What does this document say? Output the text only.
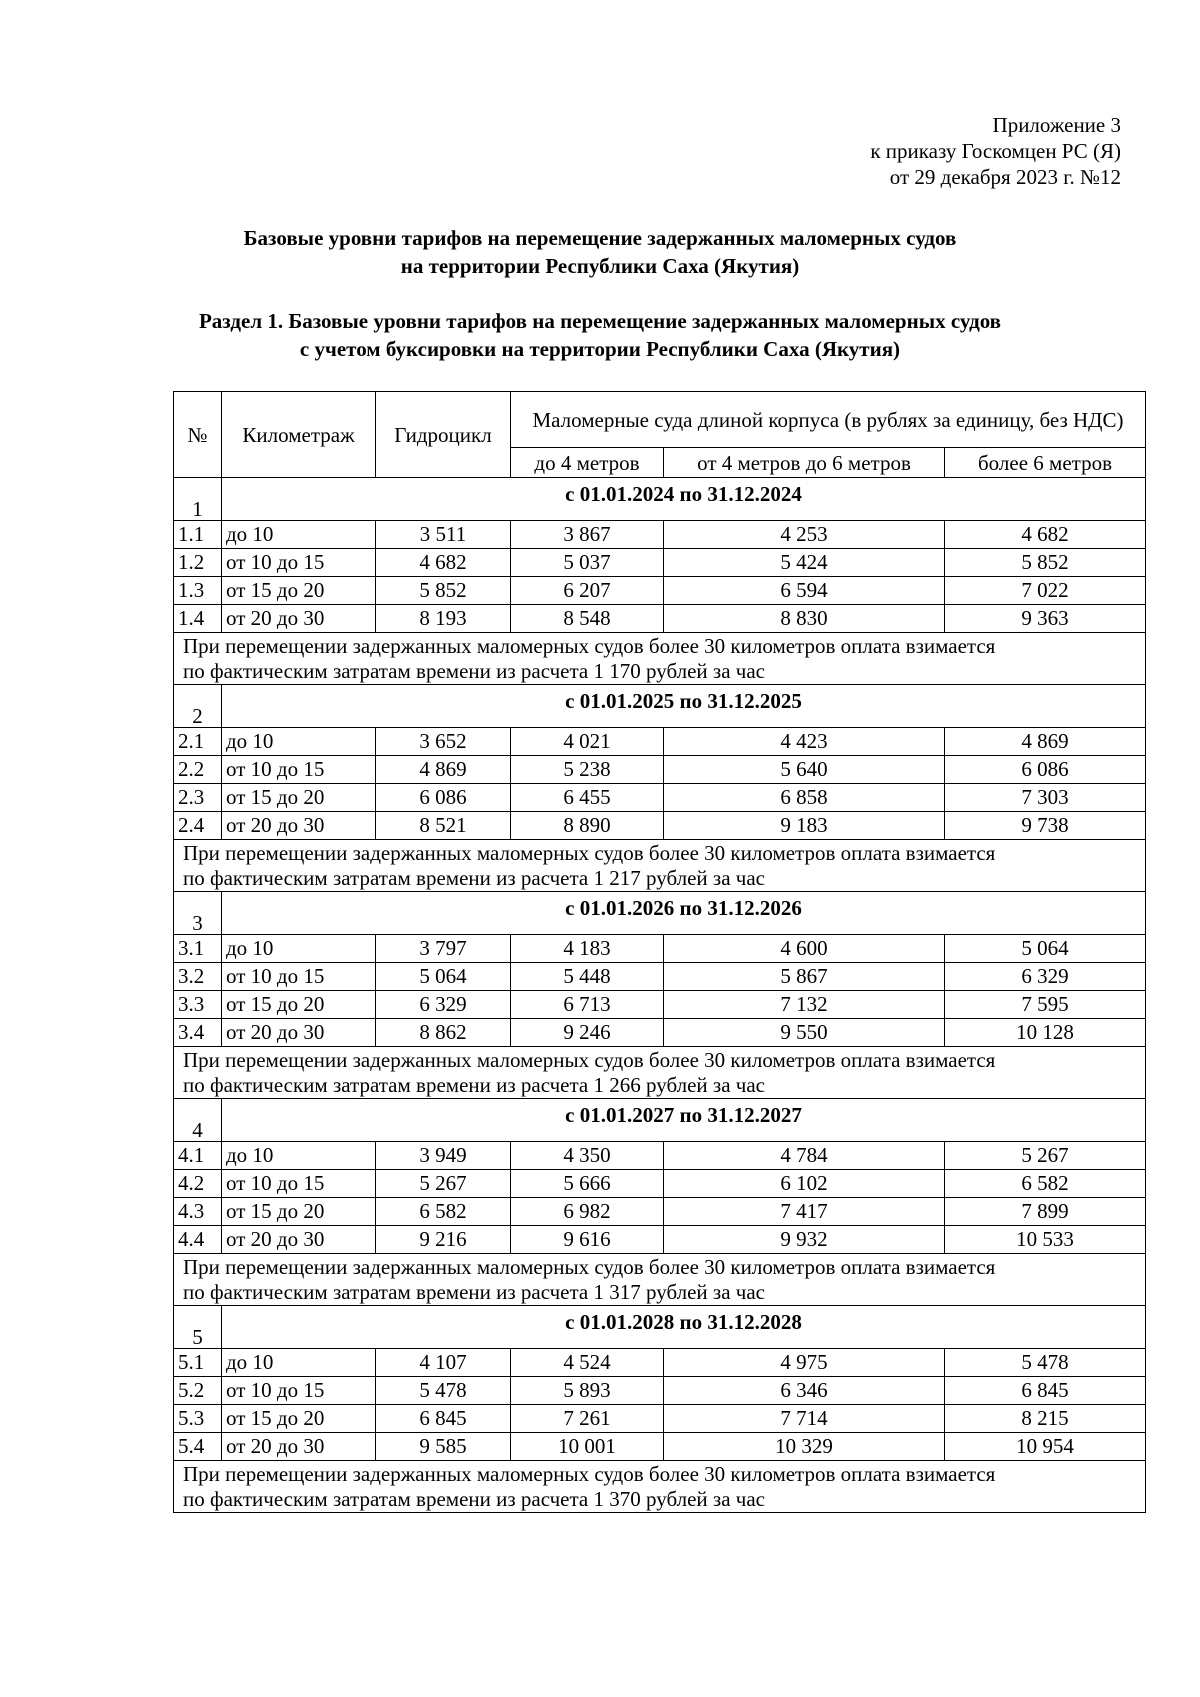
Приложение 3
к приказу Госкомцен РС (Я)
от 29 декабря 2023 г. №12
Базовые уровни тарифов на перемещение задержанных маломерных судов
на территории Республики Саха (Якутия)
Раздел 1. Базовые уровни тарифов на перемещение задержанных маломерных судов
с учетом буксировки на территории Республики Саха (Якутия)
№	Километраж	Гидроцикл	Маломерные суда длиной корпуса (в рублях за единицу, без НДС)		
			до 4 метров	от 4 метров до 6 метров	более 6 метров
1	с 01.01.2024 по 31.12.2024				
1.1	до 10	3 511	3 867	4 253	4 682
1.2	от 10 до 15	4 682	5 037	5 424	5 852
1.3	от 15 до 20	5 852	6 207	6 594	7 022
1.4	от 20 до 30	8 193	8 548	8 830	9 363

При перемещении задержанных маломерных судов более 30 километров оплата взимается
по фактическим затратам времени из расчета 1 170 рублей за час					

2	с 01.01.2025 по 31.12.2025				
2.1	до 10	3 652	4 021	4 423	4 869
2.2	от 10 до 15	4 869	5 238	5 640	6 086
2.3	от 15 до 20	6 086	6 455	6 858	7 303
2.4	от 20 до 30	8 521	8 890	9 183	9 738

При перемещении задержанных маломерных судов более 30 километров оплата взимается
по фактическим затратам времени из расчета 1 217 рублей за час					

3	с 01.01.2026 по 31.12.2026				
3.1	до 10	3 797	4 183	4 600	5 064
3.2	от 10 до 15	5 064	5 448	5 867	6 329
3.3	от 15 до 20	6 329	6 713	7 132	7 595
3.4	от 20 до 30	8 862	9 246	9 550	10 128

При перемещении задержанных маломерных судов более 30 километров оплата взимается
по фактическим затратам времени из расчета 1 266 рублей за час					

4	с 01.01.2027 по 31.12.2027				
4.1	до 10	3 949	4 350	4 784	5 267
4.2	от 10 до 15	5 267	5 666	6 102	6 582
4.3	от 15 до 20	6 582	6 982	7 417	7 899
4.4	от 20 до 30	9 216	9 616	9 932	10 533

При перемещении задержанных маломерных судов более 30 километров оплата взимается
по фактическим затратам времени из расчета 1 317 рублей за час					

5	с 01.01.2028 по 31.12.2028				
5.1	до 10	4 107	4 524	4 975	5 478
5.2	от 10 до 15	5 478	5 893	6 346	6 845
5.3	от 15 до 20	6 845	7 261	7 714	8 215
5.4	от 20 до 30	9 585	10 001	10 329	10 954

При перемещении задержанных маломерных судов более 30 километров оплата взимается
по фактическим затратам времени из расчета 1 370 рублей за час					
